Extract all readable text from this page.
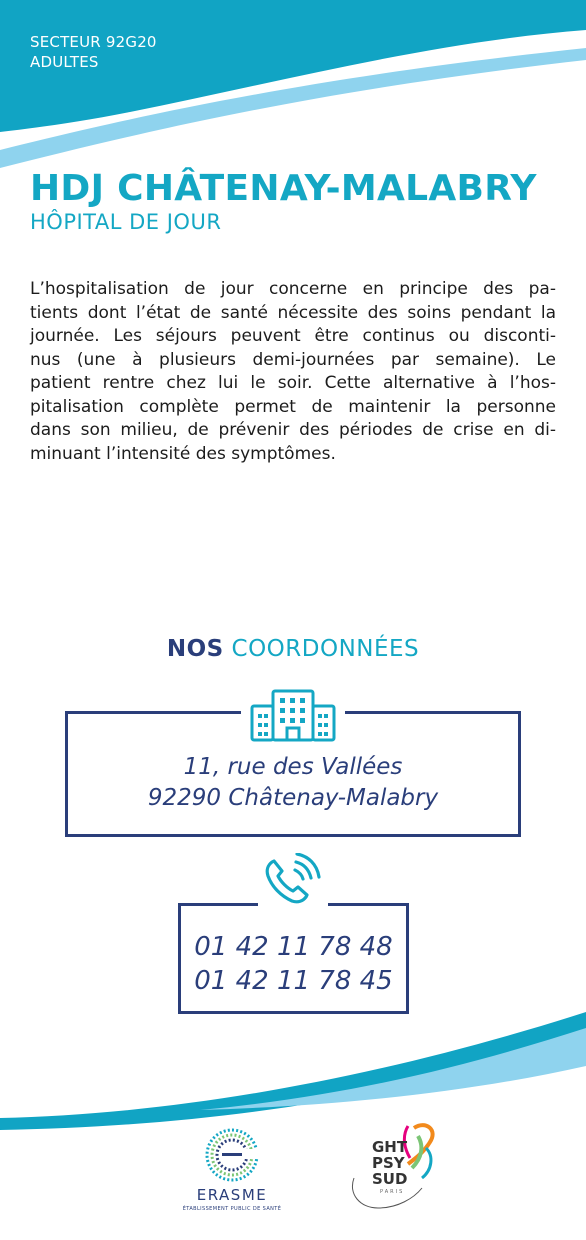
SECTEUR 92G20
ADULTES
HDJ CHÂTENAY-MALABRY
HÔPITAL DE JOUR
L’hospitalisation de jour concerne en principe des pa-
tients dont l’état de santé nécessite des soins pendant la
journée. Les séjours peuvent être continus ou disconti-
nus (une à plusieurs demi-journées par semaine). Le
patient rentre chez lui le soir. Cette alternative à l’hos-
pitalisation complète permet de maintenir la personne
dans son milieu, de prévenir des périodes de crise en di-
minuant l’intensité des symptômes.
NOS COORDONNÉES
11, rue des Vallées
92290 Châtenay-Malabry
01 42 11 78 48
01 42 11 78 45
ERASME
ÉTABLISSEMENT PUBLIC DE SANTÉ
GHT
PSY
SUD
PARIS
